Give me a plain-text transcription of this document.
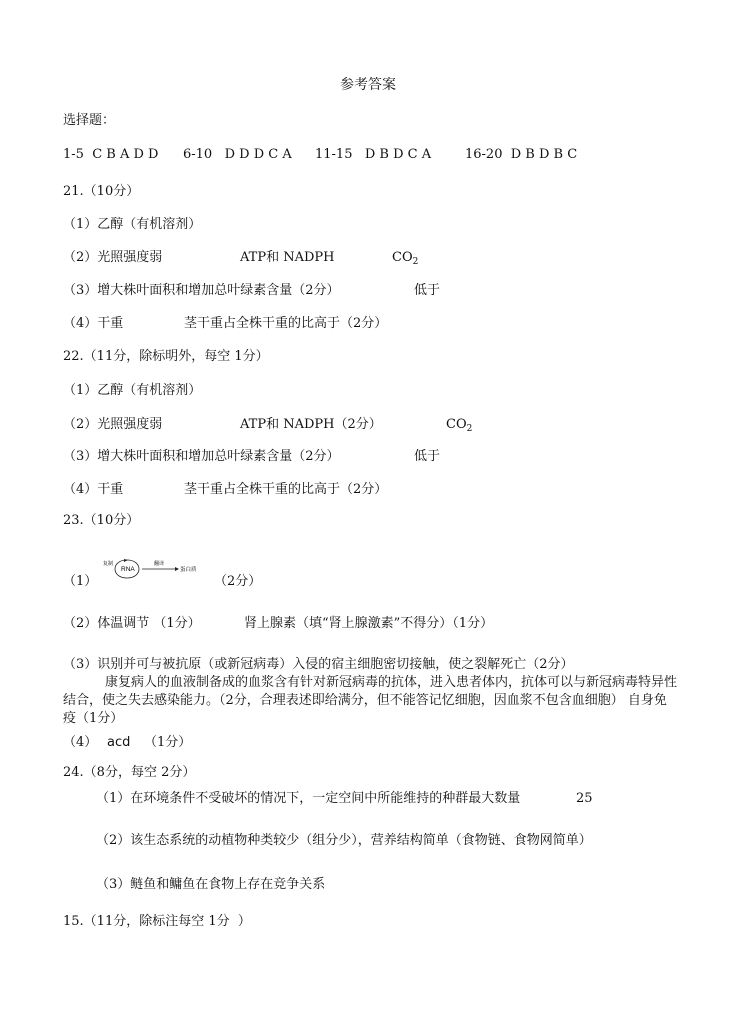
参考答案
选择题：
1-5  C B A D D 6-10   D D D C A 11-15   D B D C A	16-20  D B D B C
21.（10分）
（1）乙醇（有机溶剂）
（2）光照强度弱	ATP和 NADPH	$CO_2$
（3）增大株叶面积和增加总叶绿素含量（2分）	低于
（4）干重	茎干重占全株干重的比高于（2分）
22.（11分，除标明外，每空 1分）
（1）乙醇（有机溶剂）
（2）光照强度弱	ATP和 NADPH（2分）	$CO_2$
（3）增大株叶面积和增加总叶绿素含量（2分）	低于
（4）干重	茎干重占全株干重的比高于（2分）
23.（10分）
（1）
复制
RNA
翻译
蛋白质
（2分）
（2）体温调节 （1分）	肾上腺素（填“肾上腺激素”不得分）（1分）
（3）识别并可与被抗原（或新冠病毒）入侵的宿主细胞密切接触，使之裂解死亡（2分）
康复病人的血液制备成的血浆含有针对新冠病毒的抗体，进入患者体内，抗体可以与新冠病毒特异性结合，使之失去感染能力。（2分，合理表述即给满分，但不能答记忆细胞，因血浆不包含血细胞） 自身免疫（1分）
（4） acd （1分）
24.（8分，每空 2分）
（1）在环境条件不受破坏的情况下，一定空间中所能维持的种群最大数量	25
（2）该生态系统的动植物种类较少（组分少），营养结构简单（食物链、食物网简单）
（3）鲢鱼和鳙鱼在食物上存在竞争关系
15.（11分，除标注每空 1分  ）
